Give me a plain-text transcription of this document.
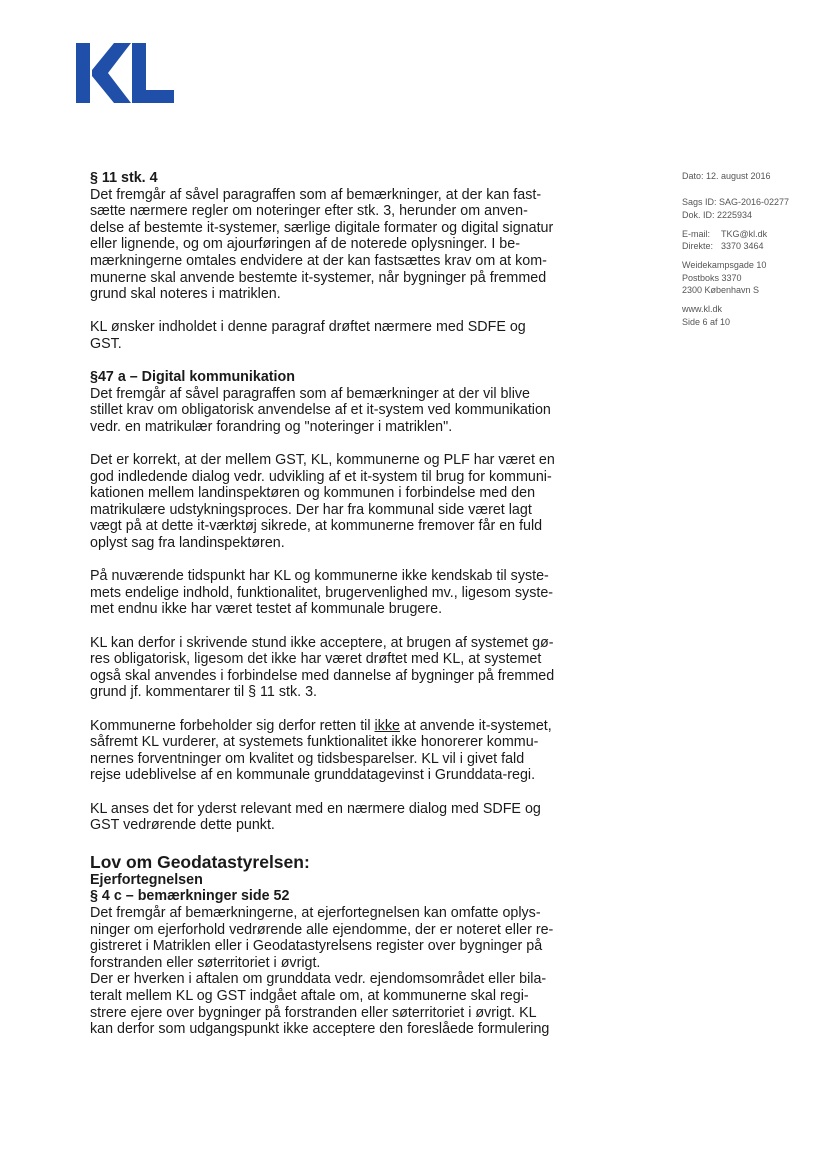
§ 11 stk. 4
Det fremgår af såvel paragraffen som af bemærkninger, at der kan fast-
sætte nærmere regler om noteringer efter stk. 3, herunder om anven-
delse af bestemte it-systemer, særlige digitale formater og digital signatur
eller lignende, og om ajourføringen af de noterede oplysninger. I be-
mærkningerne omtales endvidere at der kan fastsættes krav om at kom-
munerne skal anvende bestemte it-systemer, når bygninger på fremmed
grund skal noteres i matriklen.
KL ønsker indholdet i denne paragraf drøftet nærmere med SDFE og
GST.
§47 a – Digital kommunikation
Det fremgår af såvel paragraffen som af bemærkninger at der vil blive
stillet krav om obligatorisk anvendelse af et it-system ved kommunikation
vedr. en matrikulær forandring og "noteringer i matriklen".
Det er korrekt, at der mellem GST, KL, kommunerne og PLF har været en
god indledende dialog vedr. udvikling af et it-system til brug for kommuni-
kationen mellem landinspektøren og kommunen i forbindelse med den
matrikulære udstykningsproces. Der har fra kommunal side været lagt
vægt på at dette it-værktøj sikrede, at kommunerne fremover får en fuld
oplyst sag fra landinspektøren.
På nuværende tidspunkt har KL og kommunerne ikke kendskab til syste-
mets endelige indhold, funktionalitet, brugervenlighed mv., ligesom syste-
met endnu ikke har været testet af kommunale brugere.
KL kan derfor i skrivende stund ikke acceptere, at brugen af systemet gø-
res obligatorisk, ligesom det ikke har været drøftet med KL, at systemet
også skal anvendes i forbindelse med dannelse af bygninger på fremmed
grund jf. kommentarer til § 11 stk. 3.
Kommunerne forbeholder sig derfor retten til ikke at anvende it-systemet,
såfremt KL vurderer, at systemets funktionalitet ikke honorerer kommu-
nernes forventninger om kvalitet og tidsbesparelser. KL vil i givet fald
rejse udeblivelse af en kommunale grunddatagevinst i Grunddata-regi.
KL anses det for yderst relevant med en nærmere dialog med SDFE og
GST vedrørende dette punkt.
Lov om Geodatastyrelsen:
Ejerfortegnelsen
§ 4 c – bemærkninger side 52
Det fremgår af bemærkningerne, at ejerfortegnelsen kan omfatte oplys-
ninger om ejerforhold vedrørende alle ejendomme, der er noteret eller re-
gistreret i Matriklen eller i Geodatastyrelsens register over bygninger på
forstranden eller søterritoriet i øvrigt.
Der er hverken i aftalen om grunddata vedr. ejendomsområdet eller bila-
teralt mellem KL og GST indgået aftale om, at kommunerne skal regi-
strere ejere over bygninger på forstranden eller søterritoriet i øvrigt. KL
kan derfor som udgangspunkt ikke acceptere den foreslåede formulering
Dato: 12. august 2016
Sags ID: SAG-2016-02277
Dok. ID: 2225934
E-mail: TKG@kl.dk
Direkte: 3370 3464
Weidekampsgade 10
Postboks 3370
2300 København S
www.kl.dk
Side 6 af 10
